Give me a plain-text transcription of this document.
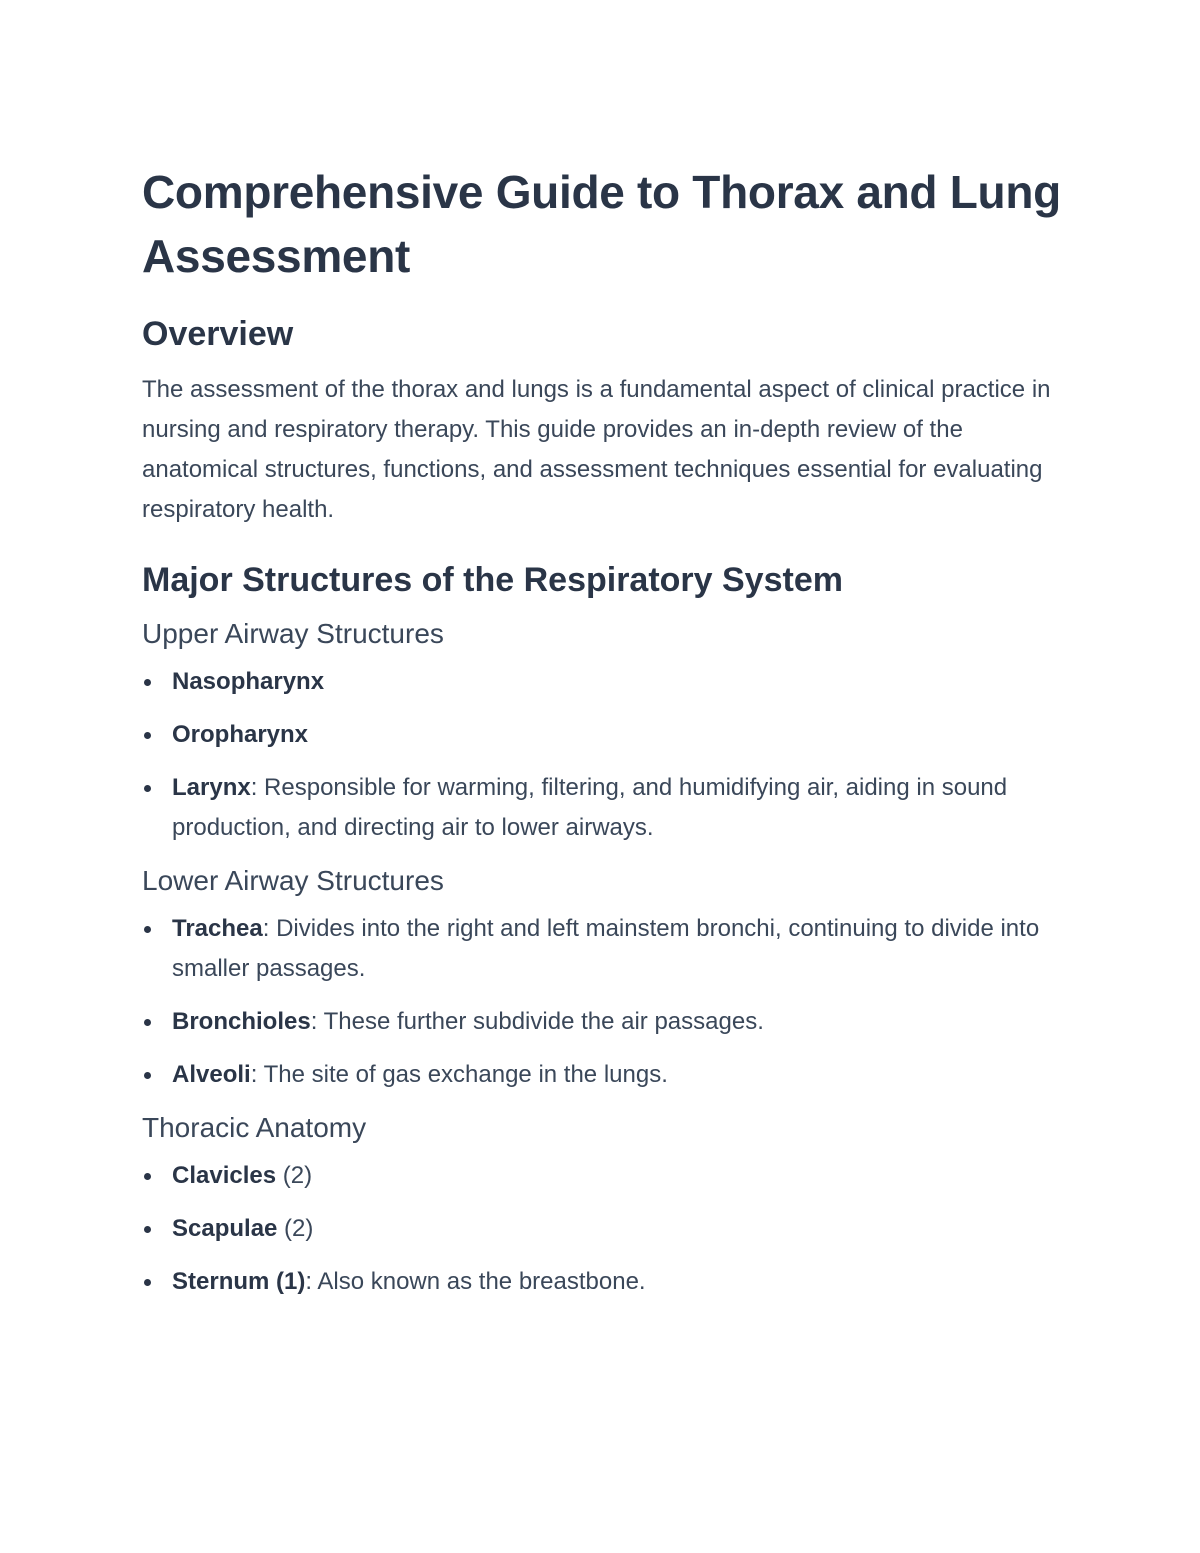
Comprehensive Guide to Thorax and Lung Assessment
Overview

The assessment of the thorax and lungs is a fundamental aspect of clinical practice in nursing and respiratory therapy. This guide provides an in-depth review of the anatomical structures, functions, and assessment techniques essential for evaluating respiratory health.

Major Structures of the Respiratory System
Upper Airway Structures
Nasopharynx
Oropharynx
Larynx: Responsible for warming, filtering, and humidifying air, aiding in sound production, and directing air to lower airways.
Lower Airway Structures
Trachea: Divides into the right and left mainstem bronchi, continuing to divide into smaller passages.
Bronchioles: These further subdivide the air passages.
Alveoli: The site of gas exchange in the lungs.
Thoracic Anatomy
Clavicles (2)
Scapulae (2)
Sternum (1): Also known as the breastbone.
